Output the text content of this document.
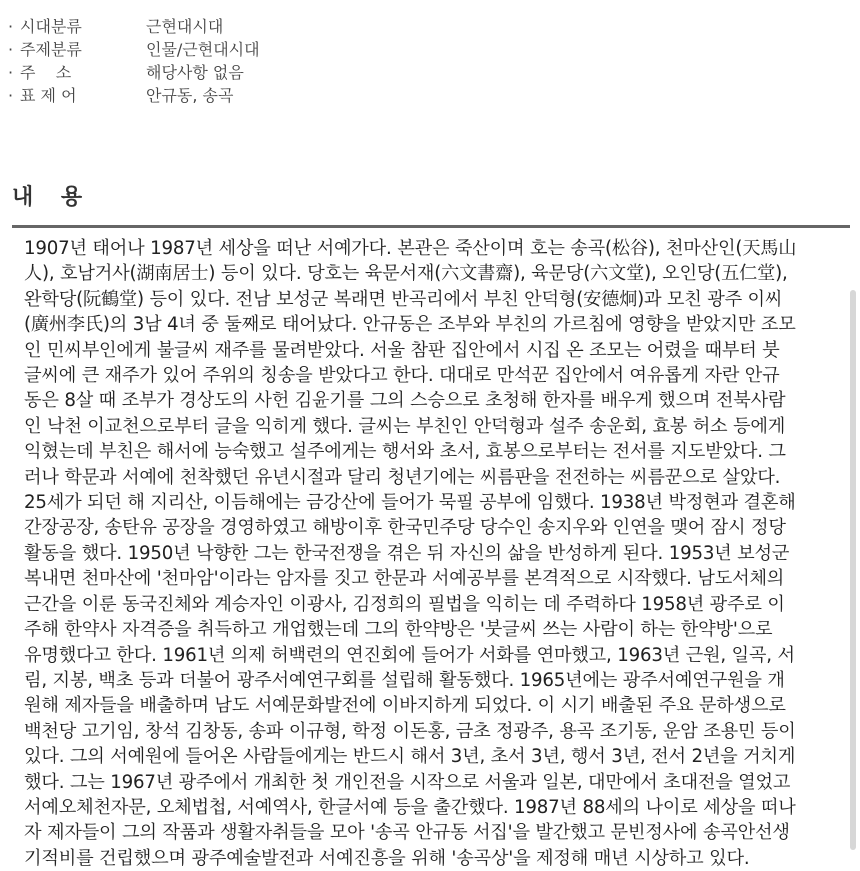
· 시대분류	근현대시대
· 주제분류	인물/근현대시대
· 주    소	해당사항 없음
· 표 제 어	안규동, 송곡
내 용
1907년 태어나 1987년 세상을 떠난 서예가다. 본관은 죽산이며 호는 송곡(松谷), 천마산인(天馬山
人), 호남거사(湖南居士) 등이 있다. 당호는 육문서재(六文書齋), 육문당(六文堂), 오인당(五仁堂),
완학당(阮鶴堂) 등이 있다. 전남 보성군 복래면 반곡리에서 부친 안덕형(安德炯)과 모친 광주 이씨
(廣州李氏)의 3남 4녀 중 둘째로 태어났다. 안규동은 조부와 부친의 가르침에 영향을 받았지만 조모
인 민씨부인에게 불글씨 재주를 물려받았다. 서울 참판 집안에서 시집 온 조모는 어렸을 때부터 붓
글씨에 큰 재주가 있어 주위의 칭송을 받았다고 한다. 대대로 만석꾼 집안에서 여유롭게 자란 안규
동은 8살 때 조부가 경상도의 사헌 김윤기를 그의 스승으로 초청해 한자를 배우게 했으며 전북사람
인 낙천 이교천으로부터 글을 익히게 했다. 글씨는 부친인 안덕형과 설주 송운회, 효봉 허소 등에게
익혔는데 부친은 해서에 능숙했고 설주에게는 행서와 초서, 효봉으로부터는 전서를 지도받았다. 그
러나 학문과 서예에 천착했던 유년시절과 달리 청년기에는 씨름판을 전전하는 씨름꾼으로 살았다.
25세가 되던 해 지리산, 이듬해에는 금강산에 들어가 묵필 공부에 임했다. 1938년 박정현과 결혼해
간장공장, 송탄유 공장을 경영하였고 해방이후 한국민주당 당수인 송지우와 인연을 맺어 잠시 정당
활동을 했다. 1950년 낙향한 그는 한국전쟁을 겪은 뒤 자신의 삶을 반성하게 된다. 1953년 보성군
복내면 천마산에 '천마암'이라는 암자를 짓고 한문과 서예공부를 본격적으로 시작했다. 남도서체의
근간을 이룬 동국진체와 계승자인 이광사, 김정희의 필법을 익히는 데 주력하다 1958년 광주로 이
주해 한약사 자격증을 취득하고 개업했는데 그의 한약방은 '붓글씨 쓰는 사람이 하는 한약방'으로
유명했다고 한다. 1961년 의제 허백련의 연진회에 들어가 서화를 연마했고, 1963년 근원, 일곡, 서
림, 지봉, 백초 등과 더불어 광주서예연구회를 설립해 활동했다. 1965년에는 광주서예연구원을 개
원해 제자들을 배출하며 남도 서예문화발전에 이바지하게 되었다. 이 시기 배출된 주요 문하생으로
백천당 고기임, 창석 김창동, 송파 이규형, 학정 이돈홍, 금초 정광주, 용곡 조기동, 운암 조용민 등이
있다. 그의 서예원에 들어온 사람들에게는 반드시 해서 3년, 초서 3년, 행서 3년, 전서 2년을 거치게
했다. 그는 1967년 광주에서 개최한 첫 개인전을 시작으로 서울과 일본, 대만에서 초대전을 열었고
서예오체천자문, 오체법첩, 서예역사, 한글서예 등을 출간했다. 1987년 88세의 나이로 세상을 떠나
자 제자들이 그의 작품과 생활자취들을 모아 '송곡 안규동 서집'을 발간했고 문빈정사에 송곡안선생
기적비를 건립했으며 광주예술발전과 서예진흥을 위해 '송곡상'을 제정해 매년 시상하고 있다.
